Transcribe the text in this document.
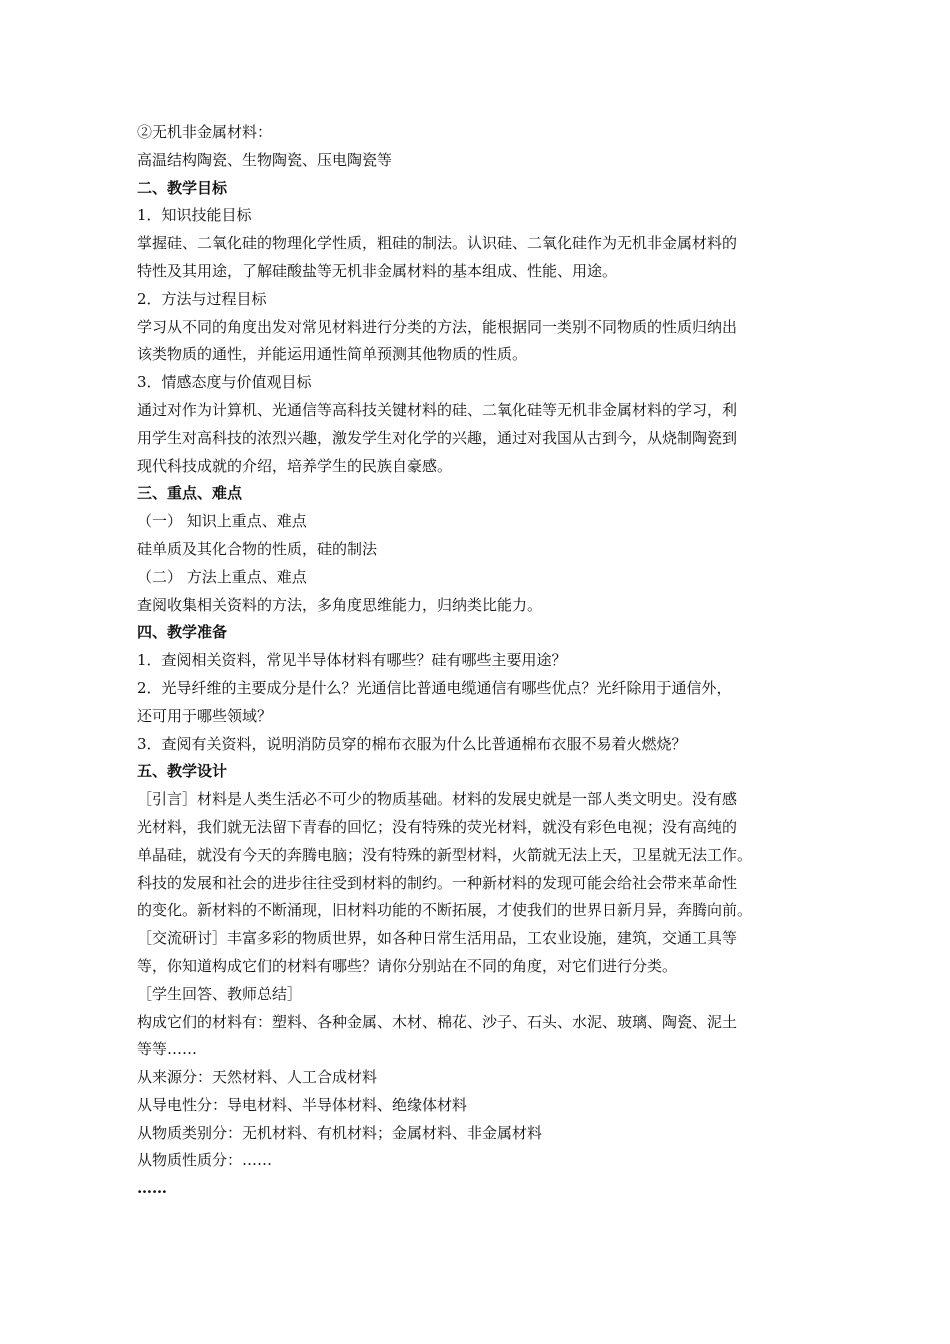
②无机非金属材料：

高温结构陶瓷、生物陶瓷、压电陶瓷等

二、教学目标

1．知识技能目标

掌握硅、二氧化硅的物理化学性质，粗硅的制法。认识硅、二氧化硅作为无机非金属材料的

特性及其用途，了解硅酸盐等无机非金属材料的基本组成、性能、用途。

2．方法与过程目标

学习从不同的角度出发对常见材料进行分类的方法，能根据同一类别不同物质的性质归纳出

该类物质的通性，并能运用通性简单预测其他物质的性质。

3．情感态度与价值观目标

通过对作为计算机、光通信等高科技关键材料的硅、二氧化硅等无机非金属材料的学习，利

用学生对高科技的浓烈兴趣，激发学生对化学的兴趣，通过对我国从古到今，从烧制陶瓷到

现代科技成就的介绍，培养学生的民族自豪感。

三、重点、难点

（一） 知识上重点、难点

硅单质及其化合物的性质，硅的制法

（二） 方法上重点、难点

查阅收集相关资料的方法，多角度思维能力，归纳类比能力。

四、教学准备

1．查阅相关资料，常见半导体材料有哪些？硅有哪些主要用途？

2．光导纤维的主要成分是什么？光通信比普通电缆通信有哪些优点？光纤除用于通信外，

还可用于哪些领域？

3．查阅有关资料，说明消防员穿的棉布衣服为什么比普通棉布衣服不易着火燃烧？

五、教学设计

［引言］材料是人类生活必不可少的物质基础。材料的发展史就是一部人类文明史。没有感

光材料，我们就无法留下青春的回忆；没有特殊的荧光材料，就没有彩色电视；没有高纯的

单晶硅，就没有今天的奔腾电脑；没有特殊的新型材料，火箭就无法上天，卫星就无法工作。

科技的发展和社会的进步往往受到材料的制约。一种新材料的发现可能会给社会带来革命性

的变化。新材料的不断涌现，旧材料功能的不断拓展，才使我们的世界日新月异，奔腾向前。

［交流研讨］丰富多彩的物质世界，如各种日常生活用品，工农业设施，建筑，交通工具等

等，你知道构成它们的材料有哪些？请你分别站在不同的角度，对它们进行分类。

［学生回答、教师总结］

构成它们的材料有：塑料、各种金属、木材、棉花、沙子、石头、水泥、玻璃、陶瓷、泥土

等等……

从来源分：天然材料、人工合成材料

从导电性分：导电材料、半导体材料、绝缘体材料

从物质类别分：无机材料、有机材料；金属材料、非金属材料

从物质性质分：……

……
